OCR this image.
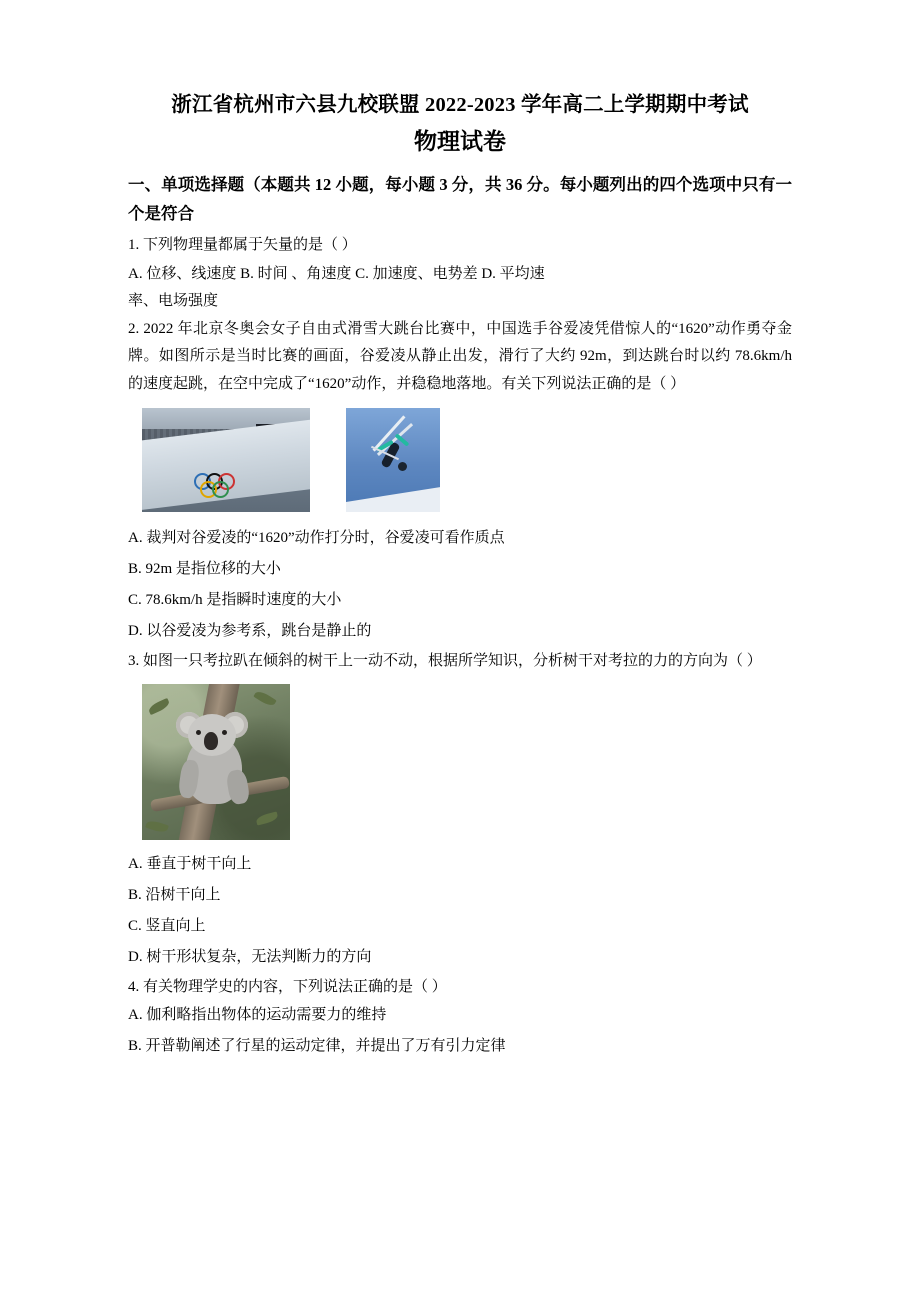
浙江省杭州市六县九校联盟 2022-2023 学年高二上学期期中考试
物理试卷
一、单项选择题（本题共 12 小题，每小题 3 分，共 36 分。每小题列出的四个选项中只有一个是符合
1. 下列物理量都属于矢量的是（ ）
A. 位移、线速度 B. 时间 、角速度 C. 加速度、电势差 D. 平均速
率、电场强度
2. 2022 年北京冬奥会女子自由式滑雪大跳台比赛中，中国选手谷爱凌凭借惊人的“1620”动作勇夺金牌。如图所示是当时比赛的画面，谷爱凌从静止出发，滑行了大约 92m，到达跳台时以约 78.6km/h 的速度起跳，在空中完成了“1620”动作，并稳稳地落地。有关下列说法正确的是（ ）
A. 裁判对谷爱凌的“1620”动作打分时，谷爱凌可看作质点
B. 92m 是指位移的大小
C. 78.6km/h 是指瞬时速度的大小
D. 以谷爱凌为参考系，跳台是静止的
3. 如图一只考拉趴在倾斜的树干上一动不动，根据所学知识，分析树干对考拉的力的方向为（ ）
A. 垂直于树干向上
B. 沿树干向上
C. 竖直向上
D. 树干形状复杂，无法判断力的方向
4. 有关物理学史的内容，下列说法正确的是（ ）
A. 伽利略指出物体的运动需要力的维持
B. 开普勒阐述了行星的运动定律，并提出了万有引力定律
